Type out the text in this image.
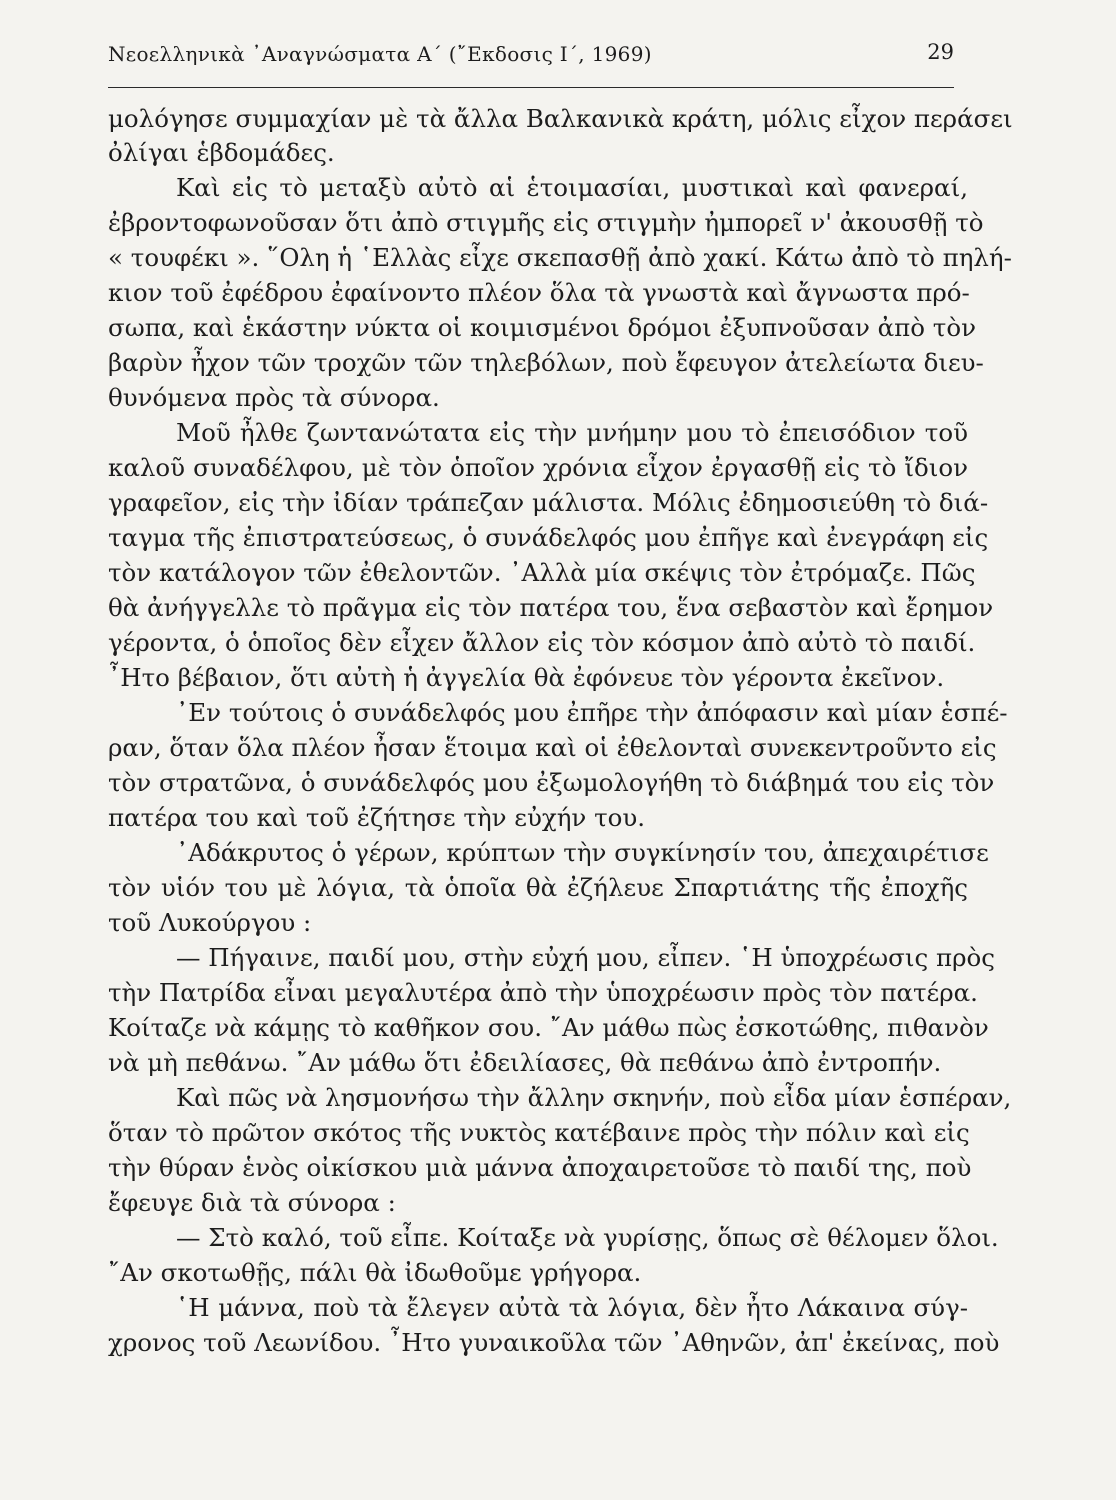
Νεοελληνικὰ ᾿Αναγνώσματα Α΄ (῎Εκδοσις Ι΄, 1969)	29
μολόγησε συμμαχίαν μὲ τὰ ἄλλα Βαλκανικὰ κράτη, μόλις εἶχον περάσει
ὀλίγαι ἑβδομάδες.
Καὶ εἰς τὸ μεταξὺ αὐτὸ αἱ ἑτοιμασίαι, μυστικαὶ καὶ φανεραί,
ἐβροντοφωνοῦσαν ὅτι ἀπὸ στιγμῆς εἰς στιγμὴν ἠμπορεῖ ν' ἀκουσθῇ τὸ
« τουφέκι ». ῞Ολη ἡ ῾Ελλὰς εἶχε σκεπασθῇ ἀπὸ χακί. Κάτω ἀπὸ τὸ πηλή-
κιον τοῦ ἐφέδρου ἐφαίνοντο πλέον ὅλα τὰ γνωστὰ καὶ ἄγνωστα πρό-
σωπα, καὶ ἑκάστην νύκτα οἱ κοιμισμένοι δρόμοι ἐξυπνοῦσαν ἀπὸ τὸν
βαρὺν ἦχον τῶν τροχῶν τῶν τηλεβόλων, ποὺ ἔφευγον ἀτελείωτα διευ-
θυνόμενα πρὸς τὰ σύνορα.
Μοῦ ἦλθε ζωντανώτατα εἰς τὴν μνήμην μου τὸ ἐπεισόδιον τοῦ
καλοῦ συναδέλφου, μὲ τὸν ὁποῖον χρόνια εἶχον ἐργασθῇ εἰς τὸ ἴδιον
γραφεῖον, εἰς τὴν ἰδίαν τράπεζαν μάλιστα. Μόλις ἐδημοσιεύθη τὸ διά-
ταγμα τῆς ἐπιστρατεύσεως, ὁ συνάδελφός μου ἐπῆγε καὶ ἐνεγράφη εἰς
τὸν κατάλογον τῶν ἐθελοντῶν. ᾿Αλλὰ μία σκέψις τὸν ἐτρόμαζε. Πῶς
θὰ ἀνήγγελλε τὸ πρᾶγμα εἰς τὸν πατέρα του, ἕνα σεβαστὸν καὶ ἔρημον
γέροντα, ὁ ὁποῖος δὲν εἶχεν ἄλλον εἰς τὸν κόσμον ἀπὸ αὐτὸ τὸ παιδί.
῏Ητο βέβαιον, ὅτι αὐτὴ ἡ ἀγγελία θὰ ἐφόνευε τὸν γέροντα ἐκεῖνον.
᾿Εν τούτοις ὁ συνάδελφός μου ἐπῆρε τὴν ἀπόφασιν καὶ μίαν ἑσπέ-
ραν, ὅταν ὅλα πλέον ἦσαν ἕτοιμα καὶ οἱ ἐθελονταὶ συνεκεντροῦντο εἰς
τὸν στρατῶνα, ὁ συνάδελφός μου ἐξωμολογήθη τὸ διάβημά του εἰς τὸν
πατέρα του καὶ τοῦ ἐζήτησε τὴν εὐχήν του.
᾿Αδάκρυτος ὁ γέρων, κρύπτων τὴν συγκίνησίν του, ἀπεχαιρέτισε
τὸν υἱόν του μὲ λόγια, τὰ ὁποῖα θὰ ἐζήλευε Σπαρτιάτης τῆς ἐποχῆς
τοῦ Λυκούργου :
— Πήγαινε, παιδί μου, στὴν εὐχή μου, εἶπεν. ῾Η ὑποχρέωσις πρὸς
τὴν Πατρίδα εἶναι μεγαλυτέρα ἀπὸ τὴν ὑποχρέωσιν πρὸς τὸν πατέρα.
Κοίταζε νὰ κάμῃς τὸ καθῆκον σου. ῎Αν μάθω πὼς ἐσκοτώθης, πιθανὸν
νὰ μὴ πεθάνω. ῎Αν μάθω ὅτι ἐδειλίασες, θὰ πεθάνω ἀπὸ ἐντροπήν.
Καὶ πῶς νὰ λησμονήσω τὴν ἄλλην σκηνήν, ποὺ εἶδα μίαν ἑσπέραν,
ὅταν τὸ πρῶτον σκότος τῆς νυκτὸς κατέβαινε πρὸς τὴν πόλιν καὶ εἰς
τὴν θύραν ἑνὸς οἰκίσκου μιὰ μάννα ἀποχαιρετοῦσε τὸ παιδί της, ποὺ
ἔφευγε διὰ τὰ σύνορα :
— Στὸ καλό, τοῦ εἶπε. Κοίταξε νὰ γυρίσῃς, ὅπως σὲ θέλομεν ὅλοι.
῎Αν σκοτωθῇς, πάλι θὰ ἰδωθοῦμε γρήγορα.
῾Η μάννα, ποὺ τὰ ἔλεγεν αὐτὰ τὰ λόγια, δὲν ἦτο Λάκαινα σύγ-
χρονος τοῦ Λεωνίδου. ῏Ητο γυναικοῦλα τῶν ᾿Αθηνῶν, ἀπ' ἐκείνας, ποὺ
